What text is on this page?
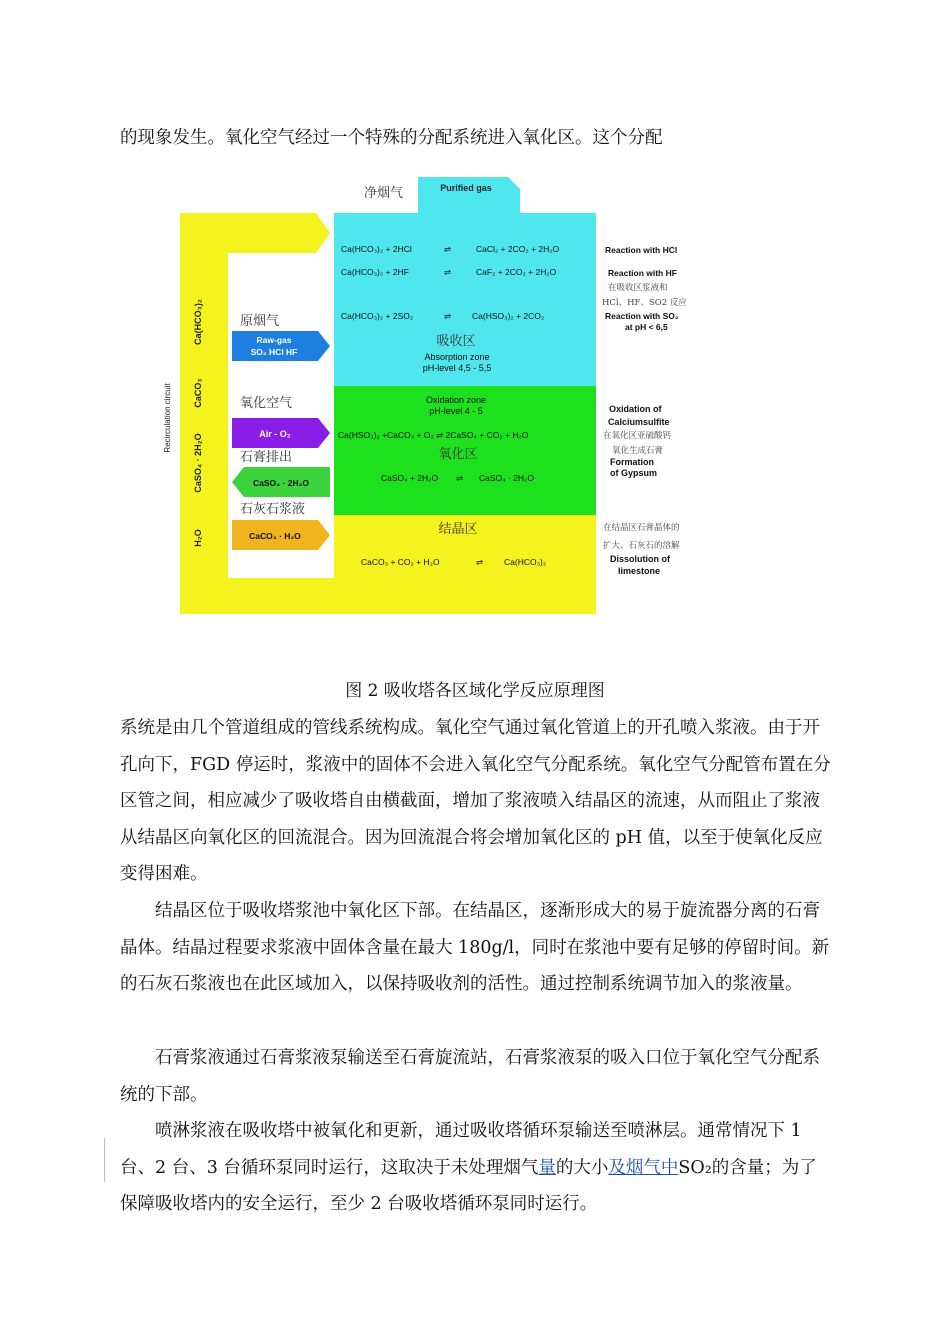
的现象发生。氧化空气经过一个特殊的分配系统进入氧化区。这个分配

Purified gas
净烟气
Recirculation circuit
Ca(HCO₃)₂
CaCO₃
CaSO₄ · 2H₂O
H₂O
原烟气
Raw-gas
SO₂ HCl HF
氧化空气
Air - O₂
石膏排出
CaSO₄ · 2H₂O
石灰石浆液
CaCO₃ · H₂O
Ca(HCO₃)₂ + 2HCl	⇌	CaCl₂ + 2CO₂ + 2H₂O
Ca(HCO₃)₂ + 2HF	⇌	CaF₂ + 2CO₂ + 2H₂O
Ca(HCO₃)₂ + 2SO₂	⇌ Ca(HSO₃)₂ + 2CO₂
吸收区
Absorption zone
pH-level 4,5 - 5,5
Oxidation zone
pH-level 4 - 5
Ca(HSO₃)₂ +CaCO₃ + O₂ ⇌ 2CaSO₄ + CO₂ + H₂O
氧化区
CaSO₄ + 2H₂O ⇌ CaSO₄ · 2H₂O
结晶区
CaCO₃ + CO₂ + H₂O	⇌ Ca(HCO₃)₂
Reaction with HCl
Reaction with HF
在吸收区浆液和
HCl、HF、SO2 反应
Reaction with SO₂
at pH < 6,5
Oxidation of
Calciumsulfite
在氧化区亚硫酸钙
氧化生成石膏
Formation
of Gypsum
在结晶区石膏晶体的
扩大、石灰石的溶解
Dissolution of
limestone
图 2 吸收塔各区域化学反应原理图

系统是由几个管道组成的管线系统构成。氧化空气通过氧化管道上的开孔喷入浆液。由于开孔向下，FGD 停运时，浆液中的固体不会进入氧化空气分配系统。氧化空气分配管布置在分区管之间，相应减少了吸收塔自由横截面，增加了浆液喷入结晶区的流速，从而阻止了浆液从结晶区向氧化区的回流混合。因为回流混合将会增加氧化区的 pH 值，以至于使氧化反应变得困难。

结晶区位于吸收塔浆池中氧化区下部。在结晶区，逐渐形成大的易于旋流器分离的石膏晶体。结晶过程要求浆液中固体含量在最大 180g/l，同时在浆池中要有足够的停留时间。新的石灰石浆液也在此区域加入，以保持吸收剂的活性。通过控制系统调节加入的浆液量。

石膏浆液通过石膏浆液泵输送至石膏旋流站，石膏浆液泵的吸入口位于氧化空气分配系统的下部。

喷淋浆液在吸收塔中被氧化和更新，通过吸收塔循环泵输送至喷淋层。通常情况下 1 台、2 台、3 台循环泵同时运行，这取决于未处理烟气量的大小及烟气中SO₂的含量；为了保障吸收塔内的安全运行，至少 2 台吸收塔循环泵同时运行。
